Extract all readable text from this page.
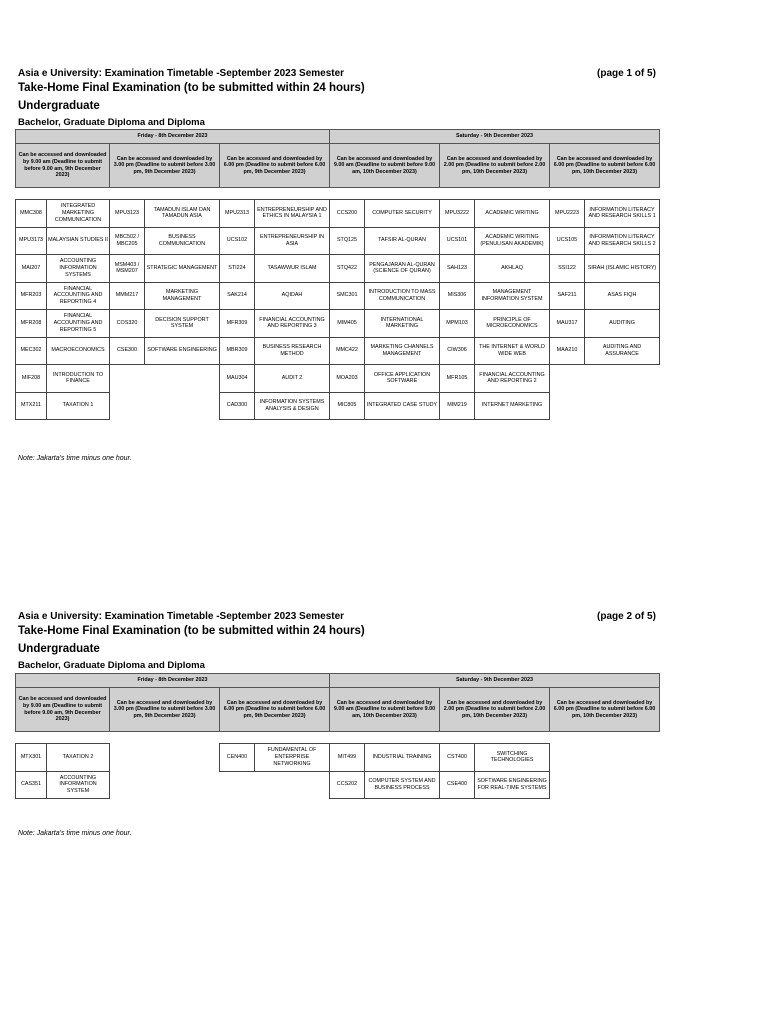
Asia e University: Examination Timetable -September 2023 Semester	(page 1 of 5)
Take-Home Final Examination (to be submitted within 24 hours)
Undergraduate
Bachelor, Graduate Diploma and Diploma
Friday - 8th December 2023						Saturday - 9th December 2023					
Can be accessed and downloaded by 9.00 am (Deadline to submit before 9.00 am, 9th December 2023)		Can be accessed and downloaded by 3.00 pm (Deadline to submit before 3.00 pm, 9th December 2023)		Can be accessed and downloaded by 6.00 pm (Deadline to submit before 6.00 pm, 9th December 2023)		Can be accessed and downloaded by 9.00 am (Deadline to submit before 9.00 am, 10th December 2023)		Can be accessed and downloaded by 2.00 pm (Deadline to submit before 2.00 pm, 10th December 2023)		Can be accessed and downloaded by 6.00 pm (Deadline to submit before 6.00 pm, 10th December 2023)	

MMC308	INTEGRATED MARKETING COMMUNICATION	MPU3123	TAMADUN ISLAM DAN TAMADUN ASIA	MPU2313	ENTREPRENEURSHIP AND ETHICS IN MALAYSIA 1	CCS200	COMPUTER SECURITY	MPU3222	ACADEMIC WRITING	MPU2223	INFORMATION LITERACY AND RESEARCH SKILLS 1
MPU3173	MALAYSIAN STUDIES II	MBC502 / MBC205	BUSINESS COMMUNICATION	UCS102	ENTREPRENEURSHIP IN ASIA	STQ125	TAFSIR AL-QURAN	UCS101	ACADEMIC WRITING (PENULISAN AKADEMIK)	UCS105	INFORMATION LITERACY AND RESEARCH SKILLS 2
MAI207	ACCOUNTING INFORMATION SYSTEMS	MSM403 / MSM207	STRATEGIC MANAGEMENT	STI224	TASAWWUR ISLAM	STQ422	PENGAJARAN AL-QURAN (SCIENCE OF QURAN)	SAH123	AKHLAQ	SSI122	SIRAH (ISLAMIC HISTORY)
MFR203	FINANCIAL ACCOUNTING AND REPORTING 4	MMM217	MARKETING MANAGEMENT	SAK214	AQIDAH	SMC301	INTRODUCTION TO MASS COMMUNICATION	MIS306	MANAGEMENT INFORMATION SYSTEM	SAF211	ASAS FIQH
MFR208	FINANCIAL ACCOUNTING AND REPORTING 5	COS320	DECISION SUPPORT SYSTEM	MFR309	FINANCIAL ACCOUNTING AND REPORTING 3	MIM405	INTERNATIONAL MARKETING	MPM103	PRINCIPLE OF MICROECONOMICS	MAU317	AUDITING
MEC302	MACROECONOMICS	CSE300	SOFTWARE ENGINEERING	MBR309	BUSINESS RESEARCH METHOD	MMC422	MARKETING CHANNELS MANAGEMENT	CIW306	THE INTERNET & WORLD WIDE WEB	MAA210	AUDITING AND ASSURANCE
MIF208	INTRODUCTION TO FINANCE			MAU304	AUDIT 2	MOA203	OFFICE APPLICATION SOFTWARE	MFR105	FINANCIAL ACCOUNTING AND REPORTING 2		
MTX211	TAXATION 1			CAD300	INFORMATION SYSTEMS ANALYSIS & DESIGN	MIC805	INTEGRATED CASE STUDY	MIM219	INTERNET MARKETING		
Note: Jakarta's time minus one hour.
Asia e University: Examination Timetable -September 2023 Semester	(page 2 of 5)
Take-Home Final Examination (to be submitted within 24 hours)
Undergraduate
Bachelor, Graduate Diploma and Diploma
Friday - 8th December 2023						Saturday - 9th December 2023					
Can be accessed and downloaded by 9.00 am (Deadline to submit before 9.00 am, 9th December 2023)		Can be accessed and downloaded by 3.00 pm (Deadline to submit before 3.00 pm, 9th December 2023)		Can be accessed and downloaded by 6.00 pm (Deadline to submit before 6.00 pm, 9th December 2023)		Can be accessed and downloaded by 9.00 am (Deadline to submit before 9.00 am, 10th December 2023)		Can be accessed and downloaded by 2.00 pm (Deadline to submit before 2.00 pm, 10th December 2023)		Can be accessed and downloaded by 6.00 pm (Deadline to submit before 6.00 pm, 10th December 2023)	

MTX301	TAXATION 2			CEN400	FUNDAMENTAL OF ENTERPRISE NETWORKING	MIT499	INDUSTRIAL TRAINING	CST400	SWITCHING TECHNOLOGIES		
CAS351	ACCOUNTING INFORMATION SYSTEM					CCS202	COMPUTER SYSTEM AND BUSINESS PROCESS	CSE400	SOFTWARE ENGINEERING FOR REAL-TIME SYSTEMS		
Note: Jakarta's time minus one hour.
